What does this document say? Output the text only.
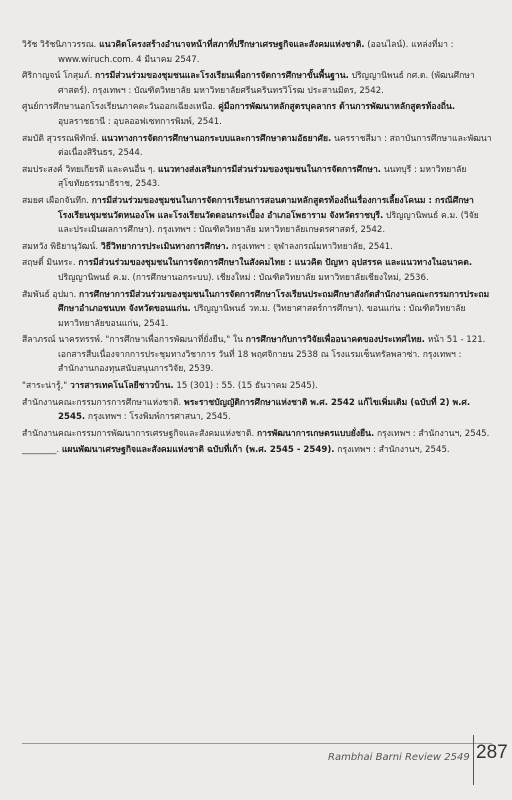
วิรัช วิรัชนิภาวรรณ. แนวคิดโครงสร้างอำนาจหน้าที่สภาที่ปรึกษาเศรษฐกิจและสังคมแห่งชาติ. (ออนไลน์). แหล่งที่มา : www.wiruch.com. 4 มีนาคม 2547.

ศิริกาญจน์ โกสุมภ์. การมีส่วนร่วมของชุมชนและโรงเรียนเพื่อการจัดการศึกษาขั้นพื้นฐาน. ปริญญานิพนธ์ กศ.ด. (พัฒนศึกษาศาสตร์). กรุงเทพฯ : บัณฑิตวิทยาลัย มหาวิทยาลัยศรีนครินทรวิโรฒ ประสานมิตร, 2542.

ศูนย์การศึกษานอกโรงเรียนภาคตะวันออกเฉียงเหนือ. คู่มือการพัฒนาหลักสูตรบุคลากร ด้านการพัฒนาหลักสูตรท้องถิ่น. อุบลราชธานี : อุบลออฟเซทการพิมพ์, 2541.

สมบัติ สุวรรณพิทักษ์. แนวทางการจัดการศึกษานอกระบบและการศึกษาตามอัธยาศัย. นครราชสีมา : สถาบันการศึกษาและพัฒนาต่อเนื่องสิรินธร, 2544.

สมประสงค์ วิทยเกียรติ และคนอื่น ๆ. แนวทางส่งเสริมการมีส่วนร่วมของชุมชนในการจัดการศึกษา. นนทบุรี : มหาวิทยาลัยสุโขทัยธรรมาธิราช, 2543.

สมยศ เผือกจันทึก. การมีส่วนร่วมของชุมชนในการจัดการเรียนการสอนตามหลักสูตรท้องถิ่นเรื่องการเลี้ยงโคนม : กรณีศึกษาโรงเรียนชุมชนวัดหนองโพ และโรงเรียนวัดดอนกระเบื้อง อำเภอโพธาราม จังหวัดราชบุรี. ปริญญานิพนธ์ ค.ม. (วิจัยและประเมินผลการศึกษา). กรุงเทพฯ : บัณฑิตวิทยาลัย มหาวิทยาลัยเกษตรศาสตร์, 2542.

สมหวัง พิธิยานุวัฒน์. วิธีวิทยาการประเมินทางการศึกษา. กรุงเทพฯ : จุฬาลงกรณ์มหาวิทยาลัย, 2541.

สฤษดิ์ มินทระ. การมีส่วนร่วมของชุมชนในการจัดการศึกษาในสังคมไทย : แนวคิด ปัญหา อุปสรรค และแนวทางในอนาคต. ปริญญานิพนธ์ ค.ม. (การศึกษานอกระบบ). เชียงใหม่ : บัณฑิตวิทยาลัย มหาวิทยาลัยเชียงใหม่, 2536.

สัมพันธ์ อุปมา. การศึกษาการมีส่วนร่วมของชุมชนในการจัดการศึกษาโรงเรียนประถมศึกษาสังกัดสำนักงานคณะกรรมการประถมศึกษาอำเภอชนบท จังหวัดขอนแก่น. ปริญญานิพนธ์ วท.ม. (วิทยาศาสตร์การศึกษา). ขอนแก่น : บัณฑิตวิทยาลัย มหาวิทยาลัยขอนแก่น, 2541.

สีลาภรณ์ นาครทรรพ์. "การศึกษาเพื่อการพัฒนาที่ยั่งยืน," ใน การศึกษากับการวิจัยเพื่ออนาคตของประเทศไทย. หน้า 51 - 121. เอกสารสืบเนื่องจากการประชุมทางวิชาการ วันที่ 18 พฤศจิกายน 2538 ณ โรงแรมเซ็นทรัลพลาซ่า. กรุงเทพฯ : สำนักงานกองทุนสนับสนุนการวิจัย, 2539.

"สาระน่ารู้," วารสารเทคโนโลยีชาวบ้าน. 15 (301) : 55. (15 ธันวาคม 2545).

สำนักงานคณะกรรมการการศึกษาแห่งชาติ. พระราชบัญญัติการศึกษาแห่งชาติ พ.ศ. 2542 แก้ไขเพิ่มเติม (ฉบับที่ 2) พ.ศ. 2545. กรุงเทพฯ : โรงพิมพ์การศาสนา, 2545.

สำนักงานคณะกรรมการพัฒนาการเศรษฐกิจและสังคมแห่งชาติ. การพัฒนาการเกษตรแบบยั่งยืน. กรุงเทพฯ : สำนักงานฯ, 2545.

________. แผนพัฒนาเศรษฐกิจและสังคมแห่งชาติ ฉบับที่เก้า (พ.ศ. 2545 - 2549). กรุงเทพฯ : สำนักงานฯ, 2545.

Rambhai Barni Review 2549 287
